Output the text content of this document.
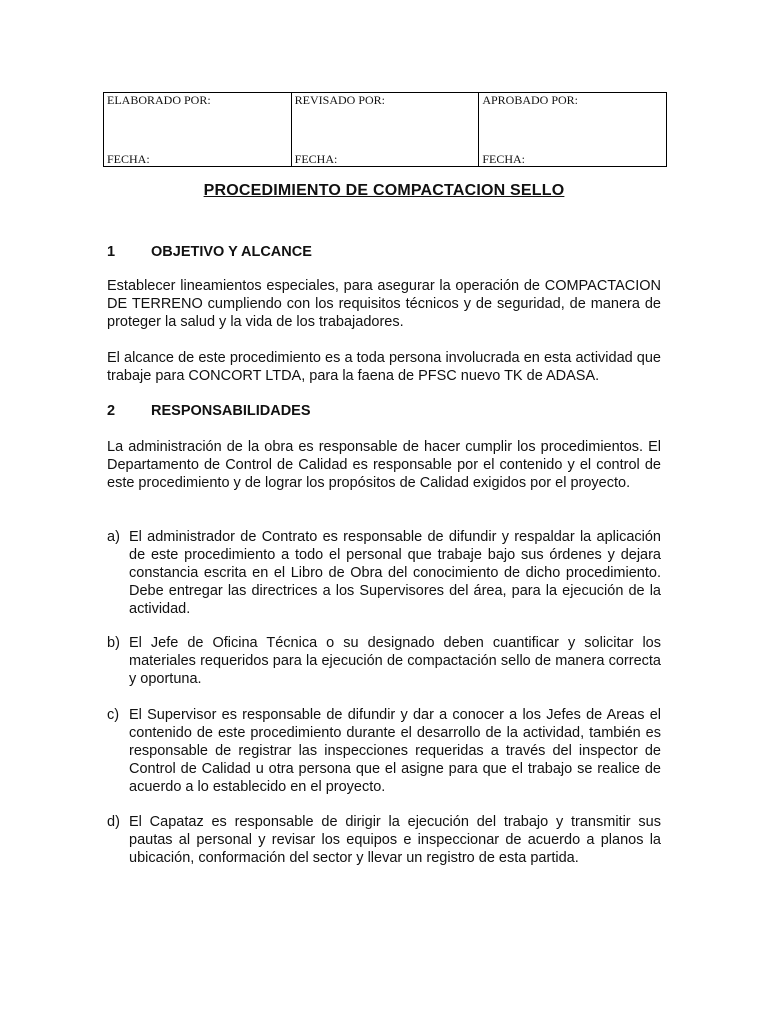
ELABORADO POR:
FECHA:

REVISADO POR:
FECHA:

APROBADO POR:
FECHA:
PROCEDIMIENTO DE COMPACTACION SELLO
1 OBJETIVO Y ALCANCE
Establecer lineamientos especiales, para asegurar la operación de COMPACTACION DE TERRENO cumpliendo con los requisitos técnicos y de seguridad, de manera de proteger la salud y la vida de los trabajadores.
El alcance de este procedimiento es a toda persona involucrada en esta actividad que trabaje para CONCORT LTDA, para la faena de PFSC nuevo TK de ADASA.
2 RESPONSABILIDADES
La administración de la obra es responsable de hacer cumplir los procedimientos. El Departamento de Control de Calidad es responsable por el contenido y el control de este procedimiento y de lograr los propósitos de Calidad exigidos por el proyecto.
a) El administrador de Contrato es responsable de difundir y respaldar la aplicación de este procedimiento a todo el personal que trabaje bajo sus órdenes y dejara constancia escrita en el Libro de Obra del conocimiento de dicho procedimiento. Debe entregar las directrices a los Supervisores del área, para la ejecución de la actividad.
b) El Jefe de Oficina Técnica o su designado deben cuantificar y solicitar los materiales requeridos para la ejecución de compactación sello de manera correcta y oportuna.
c) El Supervisor es responsable de difundir y dar a conocer a los Jefes de Areas el contenido de este procedimiento durante el desarrollo de la actividad, también es responsable de registrar las inspecciones requeridas a través del inspector de Control de Calidad u otra persona que el asigne para que el trabajo se realice de acuerdo a lo establecido en el proyecto.
d) El Capataz es responsable de dirigir la ejecución del trabajo y transmitir sus pautas al personal y revisar los equipos e inspeccionar de acuerdo a planos la ubicación, conformación del sector y llevar un registro de esta partida.
